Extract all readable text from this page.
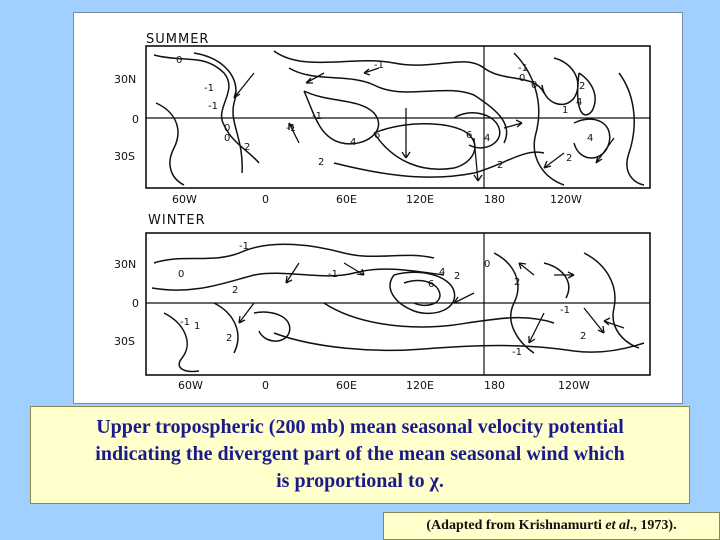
SUMMER
30N
0
30S
60W	0	60E	120E	180	120W
0
-1
-1
-1
-1
0
0
0
-1
2
4
4
6	6
2
2
4
0	4
2
2
1
-1
WINTER
30N
0
30S
60W	0	60E	120E	180	120W
-1
0
2
-1
2
1
4
6
2
0
2
2
-1
-1
-1
Upper tropospheric (200 mb) mean seasonal velocity potential
indicating the divergent part of the mean seasonal wind which
is proportional to χ.
(Adapted from Krishnamurti et al., 1973).
